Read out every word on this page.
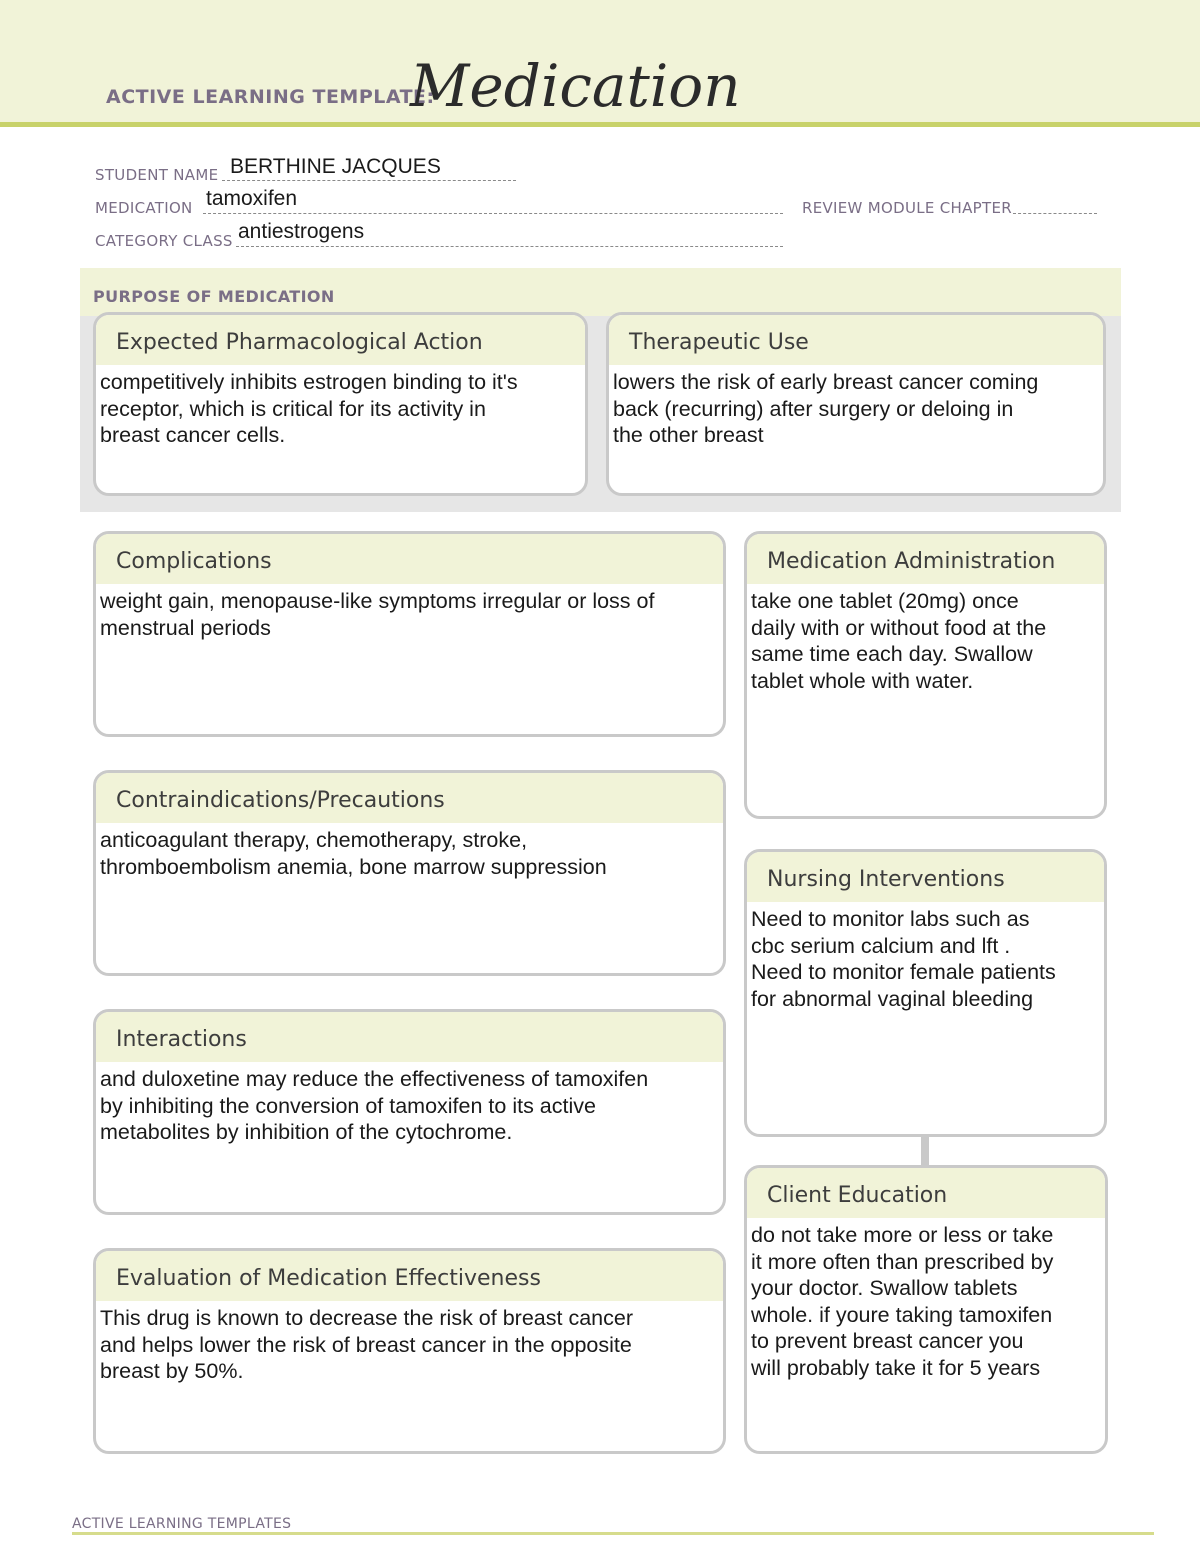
ACTIVE LEARNING TEMPLATE:
Medication
STUDENT NAME BERTHINE JACQUES
MEDICATION tamoxifen	REVIEW MODULE CHAPTER
CATEGORY CLASS antiestrogens
PURPOSE OF MEDICATION
Expected Pharmacological Action
competitively inhibits estrogen binding to it's
receptor, which is critical for its activity in
breast cancer cells.
Therapeutic Use
lowers the risk of early breast cancer coming
back (recurring) after surgery or deloing in
the other breast
Complications
weight gain, menopause-like symptoms irregular or loss of
menstrual periods
Contraindications/Precautions
anticoagulant therapy, chemotherapy, stroke,
thromboembolism anemia, bone marrow suppression
Interactions
and duloxetine may reduce the effectiveness of tamoxifen
by inhibiting the conversion of tamoxifen to its active
metabolites by inhibition of the cytochrome.
Evaluation of Medication Effectiveness
This drug is known to decrease the risk of breast cancer
and helps lower the risk of breast cancer in the opposite
breast by 50%.
Medication Administration
take one tablet (20mg) once
daily with or without food at the
same time each day. Swallow
tablet whole with water.
Nursing Interventions
Need to monitor labs such as
cbc serium calcium and lft .
Need to monitor female patients
for abnormal vaginal bleeding
Client Education
do not take more or less or take
it more often than prescribed by
your doctor. Swallow tablets
whole. if youre taking tamoxifen
to prevent breast cancer you
will probably take it for 5 years
ACTIVE LEARNING TEMPLATES
